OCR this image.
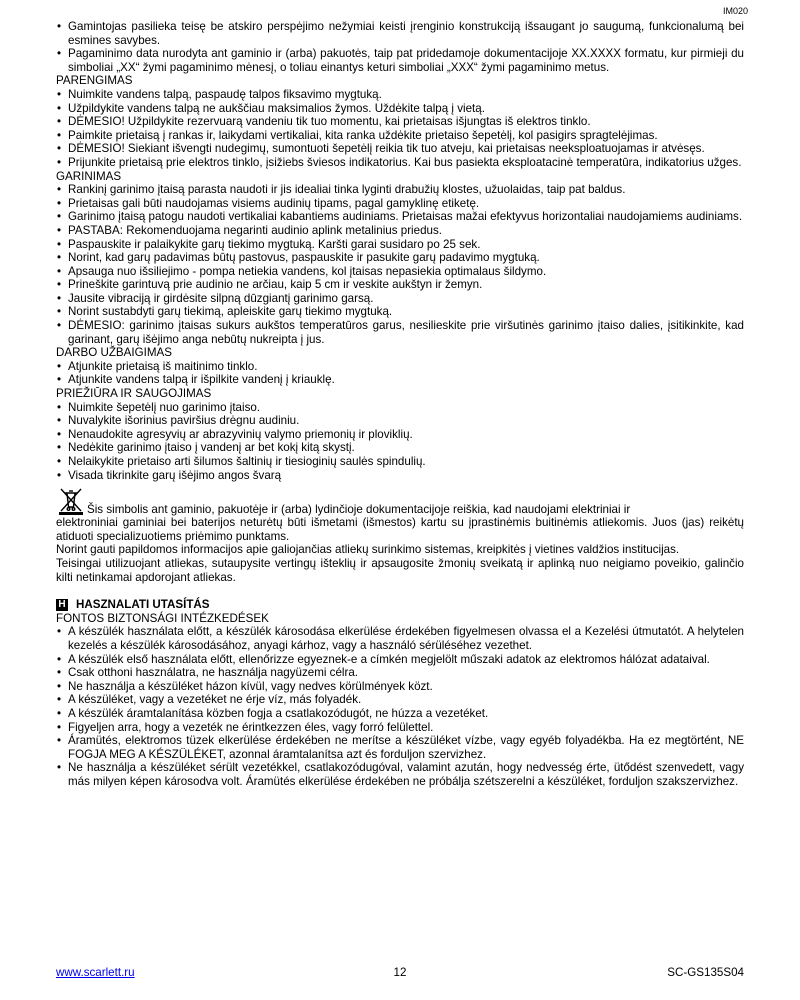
IM020
• Gamintojas pasilieka teisę be atskiro perspėjimo nežymiai keisti įrenginio konstrukciją išsaugant jo saugumą, funkcionalumą bei esmines savybes.
• Pagaminimo data nurodyta ant gaminio ir (arba) pakuotės, taip pat pridedamoje dokumentacijoje XX.XXXX formatu, kur pirmieji du simboliai „XX“ žymi pagaminimo mėnesį, o toliau einantys keturi simboliai „XXX“ žymi pagaminimo metus.

PARENGIMAS

• Nuimkite vandens talpą, paspaudę talpos fiksavimo mygtuką.
• Užpildykite vandens talpą ne aukščiau maksimalios žymos. Uždėkite talpą į vietą.
• DĖMESIO! Užpildykite rezervuarą vandeniu tik tuo momentu, kai prietaisas išjungtas iš elektros tinklo.
• Paimkite prietaisą į rankas ir, laikydami vertikaliai, kita ranka uždėkite prietaiso šepetėlį, kol pasigirs spragtelėjimas.
• DĖMESIO! Siekiant išvengti nudegimų, sumontuoti šepetėlį reikia tik tuo atveju, kai prietaisas neeksploatuojamas ir atvėsęs.
• Prijunkite prietaisą prie elektros tinklo, įsižiebs šviesos indikatorius. Kai bus pasiekta eksploatacinė temperatūra, indikatorius užges.

GARINIMAS

• Rankinį garinimo įtaisą parasta naudoti ir jis idealiai tinka lyginti drabužių klostes, užuolaidas, taip pat baldus.
• Prietaisas gali būti naudojamas visiems audinių tipams, pagal gamyklinę etiketę.
• Garinimo įtaisą patogu naudoti vertikaliai kabantiems audiniams. Prietaisas mažai efektyvus horizontaliai naudojamiems audiniams.
• PASTABA: Rekomenduojama negarinti audinio aplink metalinius priedus.
• Paspauskite ir palaikykite garų tiekimo mygtuką. Karšti garai susidaro po 25 sek.
• Norint, kad garų padavimas būtų pastovus, paspauskite ir pasukite garų padavimo mygtuką.
• Apsauga nuo išsiliejimo - pompa netiekia vandens, kol įtaisas nepasiekia optimalaus šildymo.
• Prineškite garintuvą prie audinio ne arčiau, kaip 5 cm ir veskite aukštyn ir žemyn.
• Jausite vibraciją ir girdėsite silpną dūzgiantį garinimo garsą.
• Norint sustabdyti garų tiekimą, apleiskite garų tiekimo mygtuką.
• DĖMESIO: garinimo įtaisas sukurs aukštos temperatūros garus, nesilieskite prie viršutinės garinimo įtaiso dalies, įsitikinkite, kad garinant, garų išėjimo anga nebūtų nukreipta į jus.

DARBO UŽBAIGIMAS

• Atjunkite prietaisą iš maitinimo tinklo.
• Atjunkite vandens talpą ir išpilkite vandenį į kriauklę.

PRIEŽIŪRA IR SAUGOJIMAS

• Nuimkite šepetėlį nuo garinimo įtaiso.
• Nuvalykite išorinius paviršius drėgnu audiniu.
• Nenaudokite agresyvių ar abrazyvinių valymo priemonių ir ploviklių.
• Nedėkite garinimo įtaiso į vandenį ar bet kokį kitą skystį.
• Nelaikykite prietaiso arti šilumos šaltinių ir tiesioginių saulės spindulių.
• Visada tikrinkite garų išėjimo angos švarą
Šis simbolis ant gaminio, pakuotėje ir (arba) lydinčioje dokumentacijoje reiškia, kad naudojami elektriniai ir

elektroniniai gaminiai bei baterijos neturėtų būti išmetami (išmestos) kartu su įprastinėmis buitinėmis atliekomis. Juos (jas) reikėtų atiduoti specializuotiems priėmimo punktams.

Norint gauti papildomos informacijos apie galiojančias atliekų surinkimo sistemas, kreipkitės į vietines valdžios institucijas.

Teisingai utilizuojant atliekas, sutaupysite vertingų išteklių ir apsaugosite žmonių sveikatą ir aplinką nuo neigiamo poveikio, galinčio kilti netinkamai apdorojant atliekas.

H HASZNALATI UTASÍTÁS

FONTOS BIZTONSÁGI INTÉZKEDÉSEK

• A készülék használata előtt, a készülék károsodása elkerülése érdekében figyelmesen olvassa el a Kezelési útmutatót. A helytelen kezelés a készülék károsodásához, anyagi kárhoz, vagy a használó sérüléséhez vezethet.
• A készülék első használata előtt, ellenőrizze egyeznek-e a címkén megjelölt műszaki adatok az elektromos hálózat adataival.
• Csak otthoni használatra, ne használja nagyüzemi célra.
• Ne használja a készüléket házon kívül, vagy nedves körülmények közt.
• A készüléket, vagy a vezetéket ne érje víz, más folyadék.
• A készülék áramtalanítása közben fogja a csatlakozódugót, ne húzza a vezetéket.
• Figyeljen arra, hogy a vezeték ne érintkezzen éles, vagy forró felülettel.
• Áramütés, elektromos tüzek elkerülése érdekében ne merítse a készüléket vízbe, vagy egyéb folyadékba. Ha ez megtörtént, NE FOGJA MEG A KÉSZÜLÉKET, azonnal áramtalanítsa azt és forduljon szervizhez.
• Ne használja a készüléket sérült vezetékkel, csatlakozódugóval, valamint azután, hogy nedvesség érte, ütődést szenvedett, vagy más milyen képen károsodva volt. Áramütés elkerülése érdekében ne próbálja szétszerelni a készüléket, forduljon szakszervizhez.
www.scarlett.ru	12	SC-GS135S04
